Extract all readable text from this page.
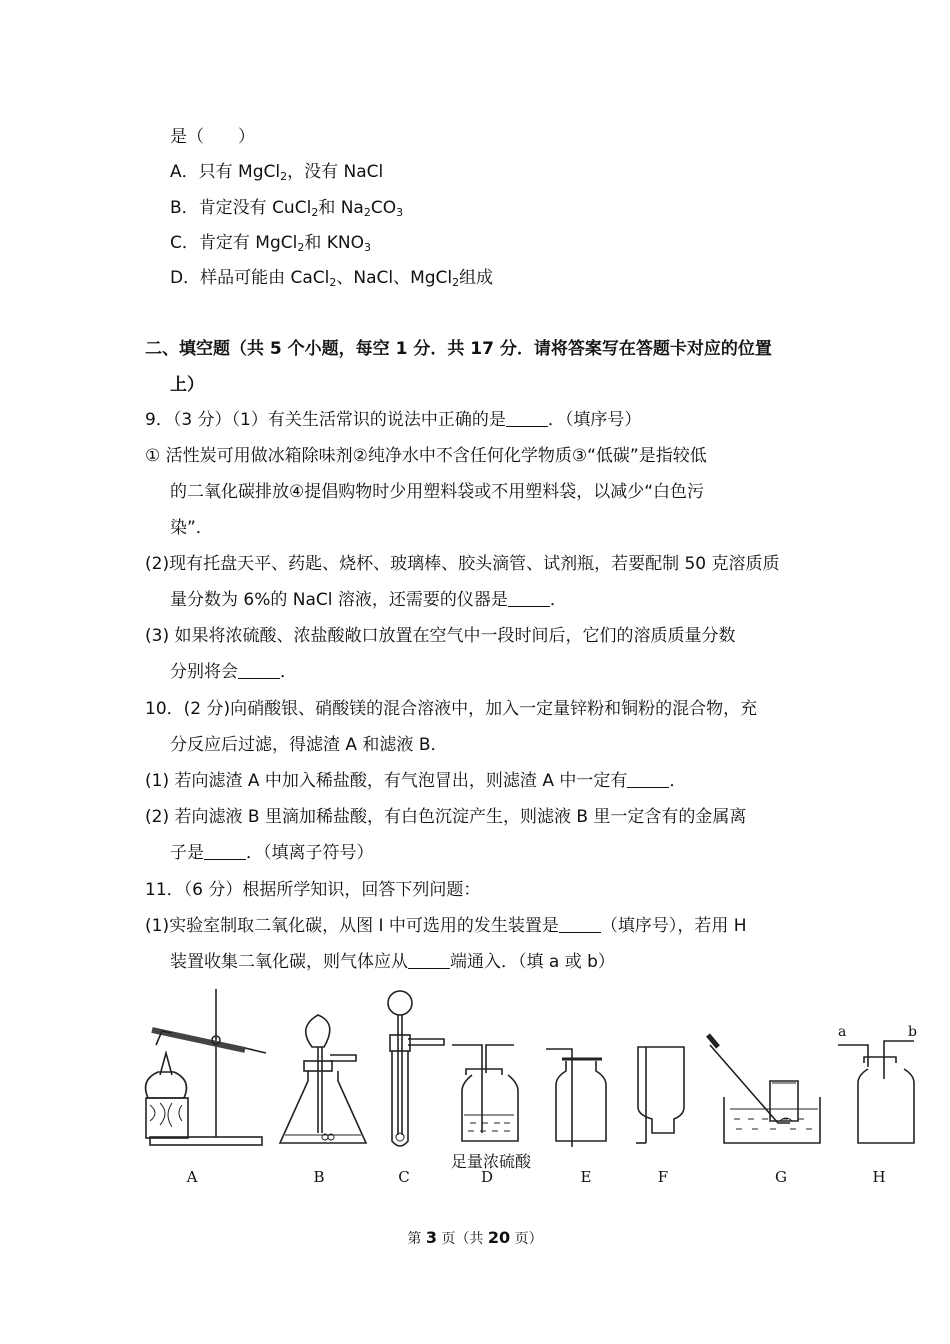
是（　　）
A．只有 MgCl$_2$，没有 NaCl
B．肯定没有 CuCl$_2$和 $Na_2CO_3$
C．肯定有 MgCl$_2$和 $KNO_3$
D．样品可能由 CaCl$_2$、NaCl、MgCl$_2$组成
二、填空题（共 5 个小题，每空 1 分．共 17 分．请将答案写在答题卡对应的位置
上）
9．（3 分）（1）有关生活常识的说法中正确的是 ．（填序号）
① 活性炭可用做冰箱除味剂②纯净水中不含任何化学物质③“低碳”是指较低
的二氧化碳排放④提倡购物时少用塑料袋或不用塑料袋，以减少“白色污
染”．
(2)现有托盘天平、药匙、烧杯、玻璃棒、胶头滴管、试剂瓶，若要配制 50 克溶质质
量分数为 6%的 NaCl 溶液，还需要的仪器是 ．
(3) 如果将浓硫酸、浓盐酸敞口放置在空气中一段时间后，它们的溶质质量分数
分别将会 ．
10．(2 分)向硝酸银、硝酸镁的混合溶液中，加入一定量锌粉和铜粉的混合物，充
分反应后过滤，得滤渣 A 和滤液 B．
(1) 若向滤渣 A 中加入稀盐酸，有气泡冒出，则滤渣 A 中一定有 ．
(2) 若向滤液 B 里滴加稀盐酸，有白色沉淀产生，则滤液 B 里一定含有的金属离
子是 ．（填离子符号）
11．（6 分）根据所学知识，回答下列问题：
(1)实验室制取二氧化碳，从图 I 中可选用的发生装置是 （填序号），若用 H
装置收集二氧化碳，则气体应从 端通入．（填 a 或 b）
a	b
足量浓硫酸
A	B	C	D	E	F	G	H
第 3 页（共 20 页）
